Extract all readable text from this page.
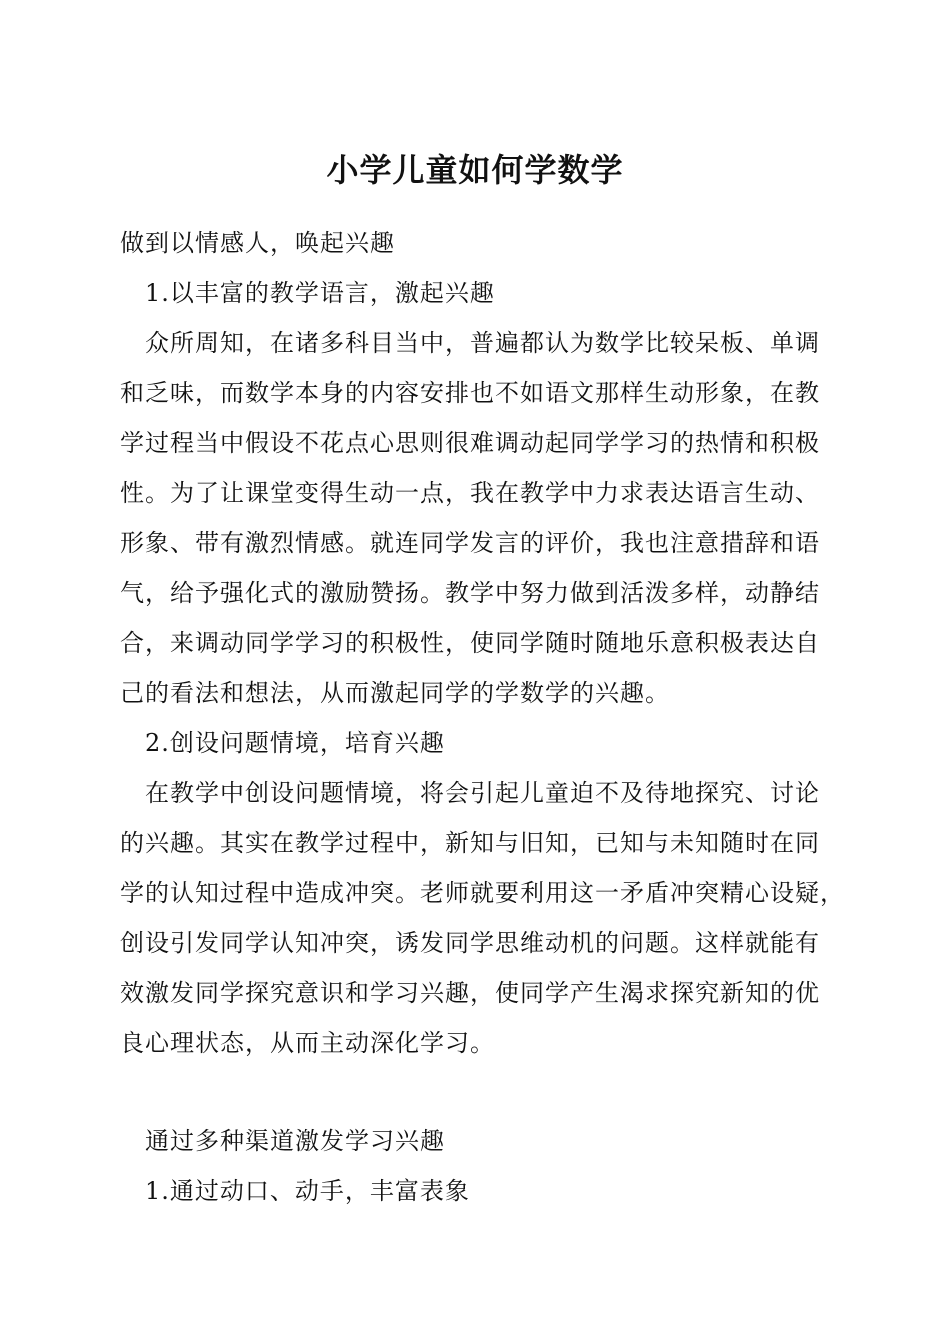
小学儿童如何学数学
做到以情感人，唤起兴趣
1.以丰富的教学语言，激起兴趣
众所周知，在诸多科目当中，普遍都认为数学比较呆板、单调
和乏味，而数学本身的内容安排也不如语文那样生动形象，在教
学过程当中假设不花点心思则很难调动起同学学习的热情和积极
性。为了让课堂变得生动一点，我在教学中力求表达语言生动、
形象、带有激烈情感。就连同学发言的评价，我也注意措辞和语
气，给予强化式的激励赞扬。教学中努力做到活泼多样，动静结
合，来调动同学学习的积极性，使同学随时随地乐意积极表达自
己的看法和想法，从而激起同学的学数学的兴趣。
2.创设问题情境，培育兴趣
在教学中创设问题情境，将会引起儿童迫不及待地探究、讨论
的兴趣。其实在教学过程中，新知与旧知，已知与未知随时在同
学的认知过程中造成冲突。老师就要利用这一矛盾冲突精心设疑，
创设引发同学认知冲突，诱发同学思维动机的问题。这样就能有
效激发同学探究意识和学习兴趣，使同学产生渴求探究新知的优
良心理状态，从而主动深化学习。
通过多种渠道激发学习兴趣
1.通过动口、动手，丰富表象
